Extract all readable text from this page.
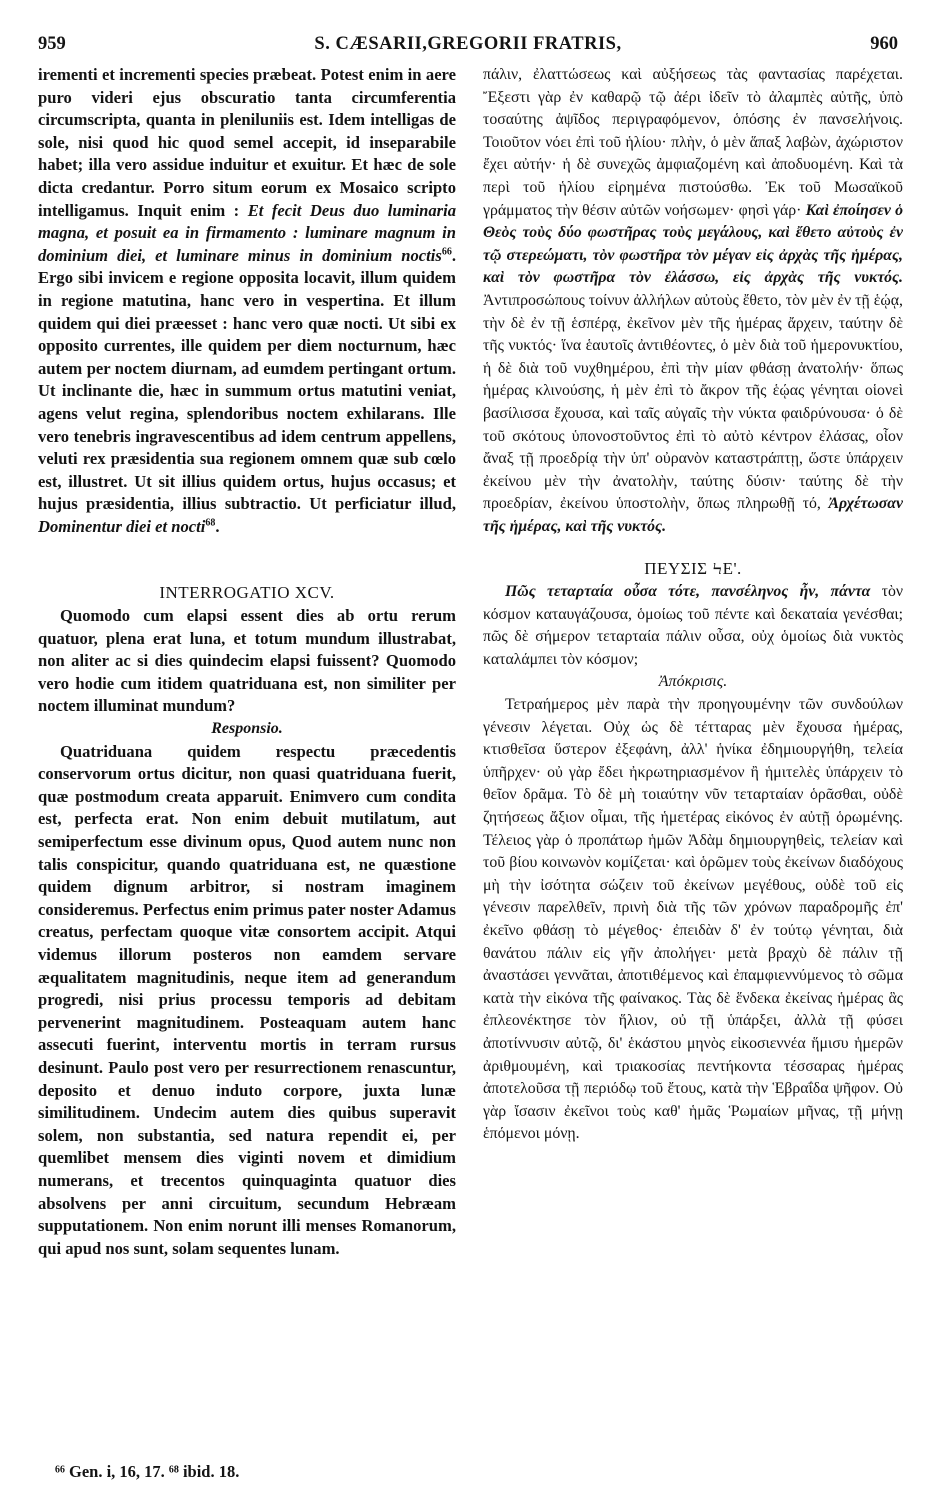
959	S. CÆSARII,GREGORII FRATRIS,	960

irementi et incrementi species præbeat. Potest enim in aere puro videri ejus obscuratio tanta circumferentia circumscripta, quanta in pleniluniis est. Idem intelligas de sole, nisi quod hic quod semel accepit, id inseparabile habet; illa vero assidue induitur et exuitur. Et hæc de sole dicta credantur. Porro situm eorum ex Mosaico scripto intelligamus. Inquit enim : Et fecit Deus duo luminaria magna, et posuit ea in firmamento : luminare magnum in dominium diei, et luminare minus in dominium noctis$^{66}$. Ergo sibi invicem e regione opposita locavit, illum quidem in regione matutina, hanc vero in vespertina. Et illum quidem qui diei præesset : hanc vero quæ nocti. Ut sibi ex opposito currentes, ille quidem per diem nocturnum, hæc autem per noctem diurnam, ad eumdem pertingant ortum. Ut inclinante die, hæc in summum ortus matutini veniat, agens velut regina, splendoribus noctem exhilarans. Ille vero tenebris ingravescentibus ad idem centrum appellens, veluti rex præsidentia sua regionem omnem quæ sub cœlo est, illustret. Ut sit illius quidem ortus, hujus occasus; et hujus præsidentia, illius subtractio. Ut perficiatur illud, Dominentur diei et nocti$^{68}$.

INTERROGATIO XCV.

Quomodo cum elapsi essent dies ab ortu rerum quatuor, plena erat luna, et totum mundum illustrabat, non aliter ac si dies quindecim elapsi fuissent? Quomodo vero hodie cum itidem quatriduana est, non similiter per noctem illuminat mundum?

Responsio.

Quatriduana quidem respectu præcedentis conservorum ortus dicitur, non quasi quatriduana fuerit, quæ postmodum creata apparuit. Enimvero cum condita est, perfecta erat. Non enim debuit mutilatum, aut semiperfectum esse divinum opus, Quod autem nunc non talis conspicitur, quando quatriduana est, ne quæstione quidem dignum arbitror, si nostram imaginem consideremus. Perfectus enim primus pater noster Adamus creatus, perfectam quoque vitæ consortem accipit. Atqui videmus illorum posteros non eamdem servare æqualitatem magnitudinis, neque item ad generandum progredi, nisi prius processu temporis ad debitam pervenerint magnitudinem. Posteaquam autem hanc assecuti fuerint, interventu mortis in terram rursus desinunt. Paulo post vero per resurrectionem renascuntur, deposito et denuo induto corpore, juxta lunæ similitudinem. Undecim autem dies quibus superavit solem, non substantia, sed natura rependit ei, per quemlibet mensem dies viginti novem et dimidium numerans, et trecentos quinquaginta quatuor dies absolvens per anni circuitum, secundum Hebræam supputationem. Non enim norunt illi menses Romanorum, qui apud nos sunt, solam sequentes lunam.

πάλιν, ἐλαττώσεως καὶ αὐξήσεως τὰς φαντασίας παρέχεται. Ἔξεστι γὰρ ἐν καθαρῷ τῷ ἀέρι ἰδεῖν τὸ ἀλαμπὲς αὐτῆς, ὑπὸ τοσαύτης ἀψῖδος περιγραφόμενον, ὁπόσης ἐν πανσελήνοις. Τοιοῦτον νόει ἐπὶ τοῦ ἡλίου· πλὴν, ὁ μὲν ἅπαξ λαβὼν, ἀχώριστον ἔχει αὐτήν· ἡ δὲ συνεχῶς ἀμφιαζομένη καὶ ἀποδυομένη. Καὶ τὰ περὶ τοῦ ἡλίου εἰρημένα πιστούσθω. Ἐκ τοῦ Μωσαϊκοῦ γράμματος τὴν θέσιν αὐτῶν νοήσωμεν· φησὶ γάρ· Καὶ ἐποίησεν ὁ Θεὸς τοὺς δύο φωστῆρας τοὺς μεγάλους, καὶ ἔθετο αὐτοὺς ἐν τῷ στερεώματι, τὸν φωστῆρα τὸν μέγαν εἰς ἀρχὰς τῆς ἡμέρας, καὶ τὸν φωστῆρα τὸν ἐλάσσω, εἰς ἀρχὰς τῆς νυκτός. Ἀντιπροσώπους τοίνυν ἀλλήλων αὐτοὺς ἔθετο, τὸν μὲν ἐν τῇ ἑῴᾳ, τὴν δὲ ἐν τῇ ἑσπέρᾳ, ἐκεῖνον μὲν τῆς ἡμέρας ἄρχειν, ταύτην δὲ τῆς νυκτός· ἵνα ἑαυτοῖς ἀντιθέοντες, ὁ μὲν διὰ τοῦ ἡμερονυκτίου, ἡ δὲ διὰ τοῦ νυχθημέρου, ἐπὶ τὴν μίαν φθάσῃ ἀνατολήν· ὅπως ἡμέρας κλινούσης, ἡ μὲν ἐπὶ τὸ ἄκρον τῆς ἑῴας γένηται οἱονεὶ βασίλισσα ἔχουσα, καὶ ταῖς αὐγαῖς τὴν νύκτα φαιδρύνουσα· ὁ δὲ τοῦ σκότους ὑπονοστοῦντος ἐπὶ τὸ αὐτὸ κέντρον ἐλάσας, οἷον ἄναξ τῇ προεδρίᾳ τὴν ὑπ' οὐρανὸν καταστράπτῃ, ὥστε ὑπάρχειν ἐκείνου μὲν τὴν ἀνατολὴν, ταύτης δύσιν· ταύτης δὲ τὴν προεδρίαν, ἐκείνου ὑποστολὴν, ὅπως πληρωθῇ τό, Ἀρχέτωσαν τῆς ἡμέρας, καὶ τῆς νυκτός.

ΠΕΥΣΙΣ ϞΕ'.

Πῶς τεταρταία οὖσα τότε, πανσέληνος ἦν, πάντα τὸν κόσμον καταυγάζουσα, ὁμοίως τοῦ πέντε καὶ δεκαταία γενέσθαι; πῶς δὲ σήμερον τεταρταία πάλιν οὖσα, οὐχ ὁμοίως διὰ νυκτὸς καταλάμπει τὸν κόσμον;

Ἀπόκρισις.

Τετραήμερος μὲν παρὰ τὴν προηγουμένην τῶν συνδούλων γένεσιν λέγεται. Οὐχ ὡς δὲ τέτταρας μὲν ἔχουσα ἡμέρας, κτισθεῖσα ὕστερον ἐξεφάνη, ἀλλ' ἡνίκα ἐδημιουργήθη, τελεία ὑπῆρχεν· οὐ γὰρ ἔδει ἠκρωτηριασμένον ἢ ἡμιτελὲς ὑπάρχειν τὸ θεῖον δρᾶμα. Τὸ δὲ μὴ τοιαύτην νῦν τεταρταίαν ὁρᾶσθαι, οὐδὲ ζητήσεως ἄξιον οἶμαι, τῆς ἡμετέρας εἰκόνος ἐν αὐτῇ ὁρωμένης. Τέλειος γὰρ ὁ προπάτωρ ἡμῶν Ἀδὰμ δημιουργηθεὶς, τελείαν καὶ τοῦ βίου κοινωνὸν κομίζεται· καὶ ὁρῶμεν τοὺς ἐκείνων διαδόχους μὴ τὴν ἰσότητα σώζειν τοῦ ἐκείνων μεγέθους, οὐδὲ τοῦ εἰς γένεσιν παρελθεῖν, πρινὴ διὰ τῆς τῶν χρόνων παραδρομῆς ἐπ' ἐκεῖνο φθάσῃ τὸ μέγεθος· ἐπειδὰν δ' ἐν τούτῳ γένηται, διὰ θανάτου πάλιν εἰς γῆν ἀπολήγει· μετὰ βραχὺ δὲ πάλιν τῇ ἀναστάσει γεννᾶται, ἀποτιθέμενος καὶ ἐπαμφιεννύμενος τὸ σῶμα κατὰ τὴν εἰκόνα τῆς φαίνακος. Τὰς δὲ ἕνδεκα ἐκείνας ἡμέρας ἃς ἐπλεονέκτησε τὸν ἥλιον, οὐ τῇ ὑπάρξει, ἀλλὰ τῇ φύσει ἀποτίννυσιν αὐτῷ, δι' ἑκάστου μηνὸς εἰκοσιεννέα ἥμισυ ἡμερῶν ἀριθμουμένη, καὶ τριακοσίας πεντήκοντα τέσσαρας ἡμέρας ἀποτελοῦσα τῇ περιόδῳ τοῦ ἔτους, κατὰ τὴν Ἑβραΐδα ψῆφον. Οὐ γὰρ ἴσασιν ἐκεῖνοι τοὺς καθ' ἡμᾶς Ῥωμαίων μῆνας, τῇ μήνῃ ἑπόμενοι μόνῃ.

⁶⁶ Gen. i, 16, 17. ⁶⁸ ibid. 18.
